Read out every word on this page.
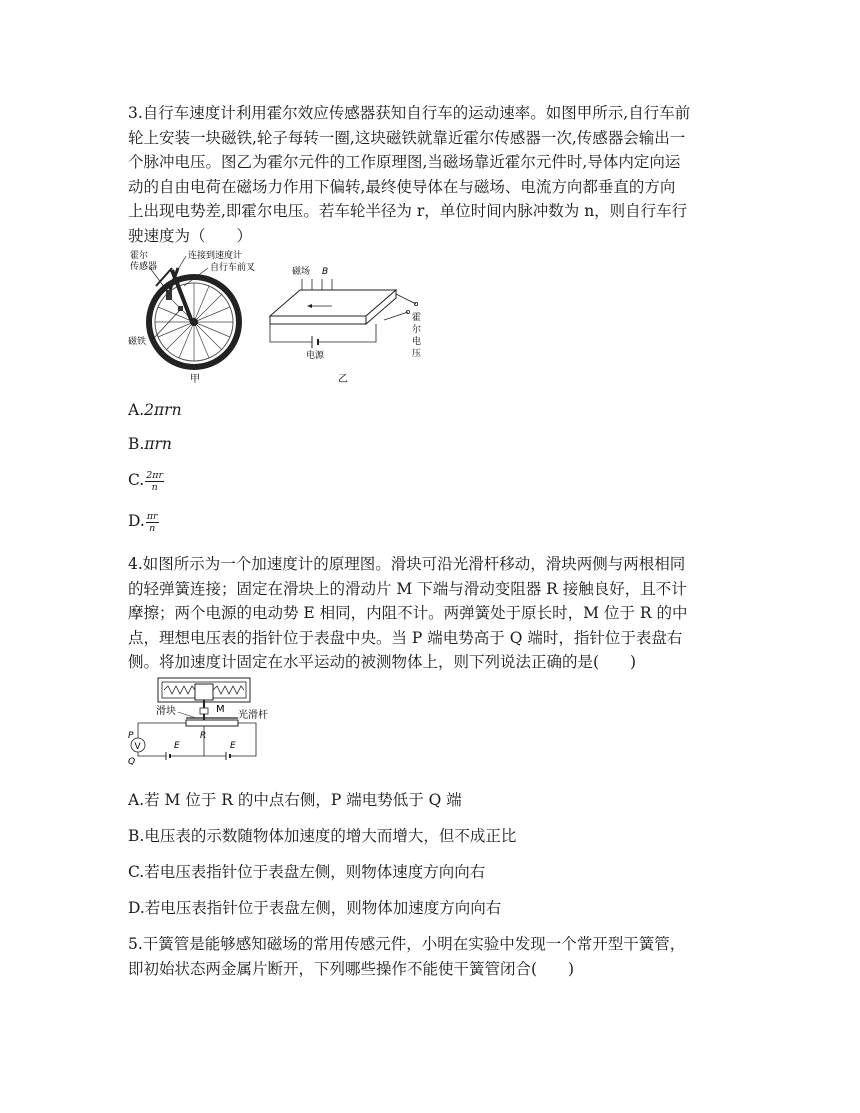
3.自行车速度计利用霍尔效应传感器获知自行车的运动速率。如图甲所示,自行车前
轮上安装一块磁铁,轮子每转一圈,这块磁铁就靠近霍尔传感器一次,传感器会输出一
个脉冲电压。图乙为霍尔元件的工作原理图,当磁场靠近霍尔元件时,导体内定向运
动的自由电荷在磁场力作用下偏转,最终使导体在与磁场、电流方向都垂直的方向
上出现电势差,即霍尔电压。若车轮半径为 r，单位时间内脉冲数为 n，则自行车行
驶速度为（　　）
霍尔
传感器
连接到速度计
自行车前叉
磁铁
甲
磁场 B
电源
霍
尔
电
压
乙
A.2πrn
B.πrn
C. $\frac{2\pi r}{n}$
D. $\frac{\pi r}{n}$
4.如图所示为一个加速度计的原理图。滑块可沿光滑杆移动，滑块两侧与两根相同
的轻弹簧连接；固定在滑块上的滑动片 M 下端与滑动变阻器 R 接触良好，且不计
摩擦；两个电源的电动势 E 相同，内阻不计。两弹簧处于原长时，M 位于 R 的中
点，理想电压表的指针位于表盘中央。当 P 端电势高于 Q 端时，指针位于表盘右
侧。将加速度计固定在水平运动的被测物体上，则下列说法正确的是(　　)
滑块	M
光滑杆
R
V
P
Q
E	E
A.若 M 位于 R 的中点右侧，P 端电势低于 Q 端
B.电压表的示数随物体加速度的增大而增大，但不成正比
C.若电压表指针位于表盘左侧，则物体速度方向向右
D.若电压表指针位于表盘左侧，则物体加速度方向向右
5.干簧管是能够感知磁场的常用传感元件，小明在实验中发现一个常开型干簧管，
即初始状态两金属片断开，下列哪些操作不能使干簧管闭合(　　)
